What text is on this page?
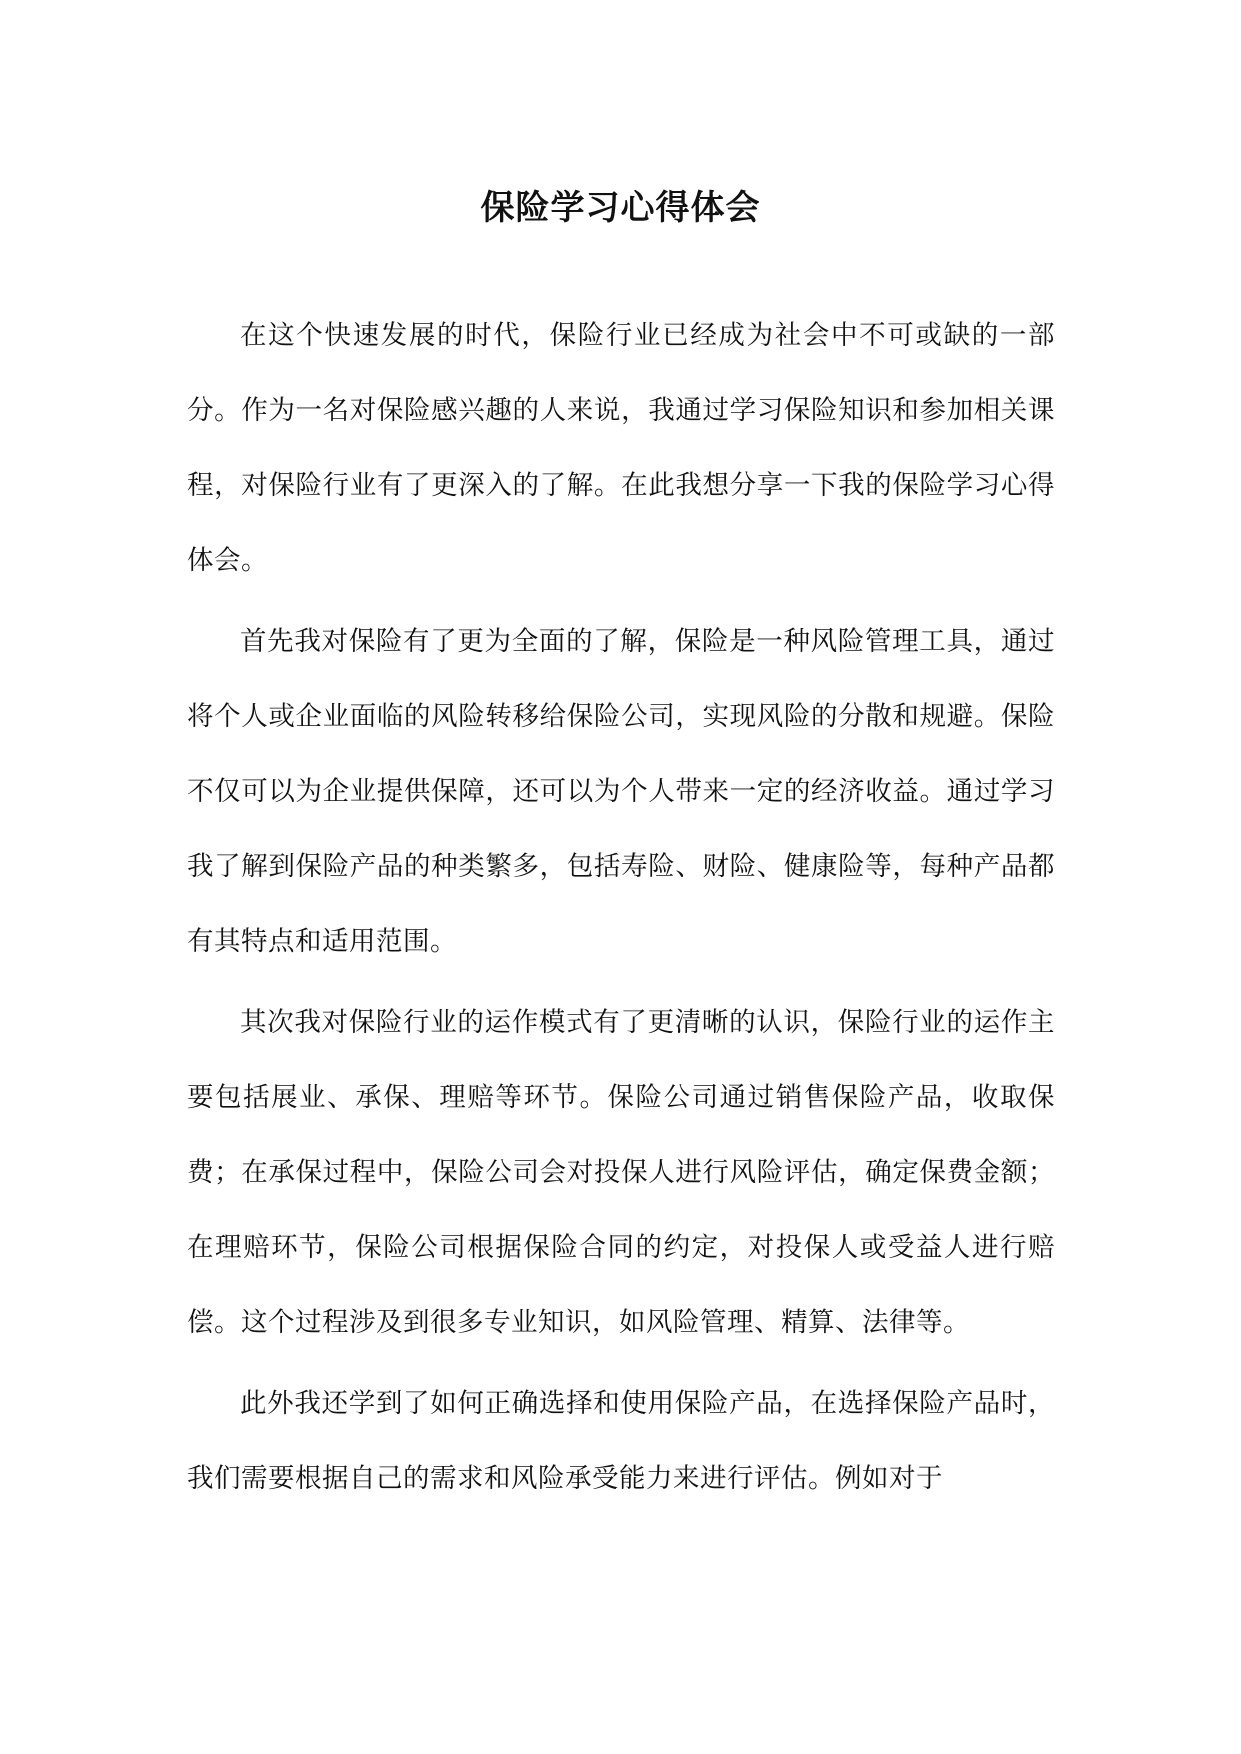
保险学习心得体会

在这个快速发展的时代，保险行业已经成为社会中不可或缺的一部分。作为一名对保险感兴趣的人来说，我通过学习保险知识和参加相关课程，对保险行业有了更深入的了解。在此我想分享一下我的保险学习心得体会。

首先我对保险有了更为全面的了解，保险是一种风险管理工具，通过将个人或企业面临的风险转移给保险公司，实现风险的分散和规避。保险不仅可以为企业提供保障，还可以为个人带来一定的经济收益。通过学习我了解到保险产品的种类繁多，包括寿险、财险、健康险等，每种产品都有其特点和适用范围。

其次我对保险行业的运作模式有了更清晰的认识，保险行业的运作主要包括展业、承保、理赔等环节。保险公司通过销售保险产品，收取保费；在承保过程中，保险公司会对投保人进行风险评估，确定保费金额；在理赔环节，保险公司根据保险合同的约定，对投保人或受益人进行赔偿。这个过程涉及到很多专业知识，如风险管理、精算、法律等。

此外我还学到了如何正确选择和使用保险产品，在选择保险产品时，我们需要根据自己的需求和风险承受能力来进行评估。例如对于
